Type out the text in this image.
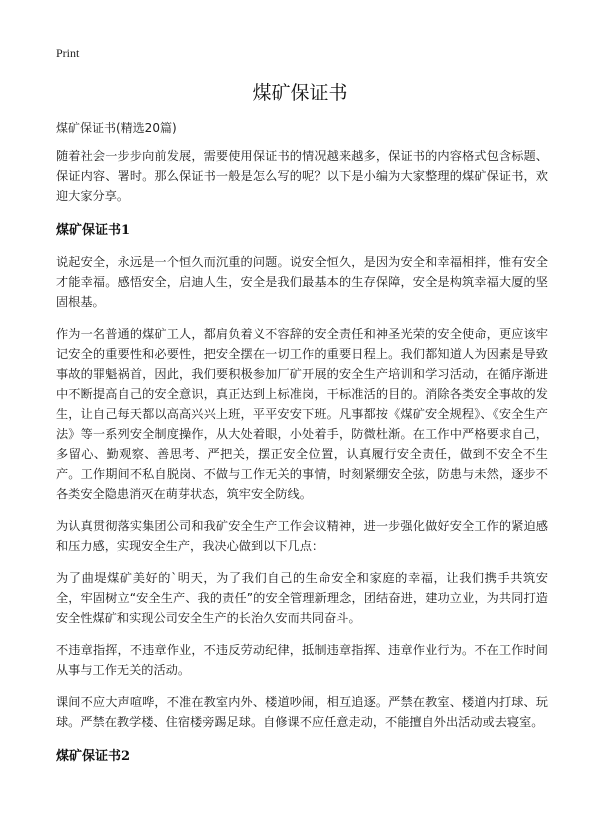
Print
煤矿保证书

煤矿保证书(精选20篇)

随着社会一步步向前发展，需要使用保证书的情况越来越多，保证书的内容格式包含标题、保证内容、署时。那么保证书一般是怎么写的呢？以下是小编为大家整理的煤矿保证书，欢迎大家分享。

煤矿保证书1

说起安全，永远是一个恒久而沉重的问题。说安全恒久，是因为安全和幸福相拌，惟有安全才能幸福。感悟安全，启迪人生，安全是我们最基本的生存保障，安全是构筑幸福大厦的坚固根基。

作为一名普通的煤矿工人，都肩负着义不容辞的安全责任和神圣光荣的安全使命，更应该牢记安全的重要性和必要性，把安全摆在一切工作的重要日程上。我们都知道人为因素是导致事故的罪魁祸首，因此，我们要积极参加厂矿开展的安全生产培训和学习活动，在循序渐进中不断提高自己的安全意识，真正达到上标准岗，干标准活的目的。消除各类安全事故的发生，让自己每天都以高高兴兴上班，平平安安下班。凡事都按《煤矿安全规程》、《安全生产法》等一系列安全制度操作，从大处着眼，小处着手，防微杜渐。在工作中严格要求自己，多留心、勤观察、善思考、严把关，摆正安全位置，认真履行安全责任，做到不安全不生产。工作期间不私自脱岗、不做与工作无关的事情，时刻紧绷安全弦，防患与未然，逐步不各类安全隐患消灭在萌芽状态，筑牢安全防线。

为认真贯彻落实集团公司和我矿安全生产工作会议精神，进一步强化做好安全工作的紧迫感和压力感，实现安全生产，我决心做到以下几点：

为了曲堤煤矿美好的`明天，为了我们自己的生命安全和家庭的幸福，让我们携手共筑安全，牢固树立“安全生产、我的责任”的安全管理新理念，团结奋进，建功立业，为共同打造安全性煤矿和实现公司安全生产的长治久安而共同奋斗。

不违章指挥，不违章作业，不违反劳动纪律，抵制违章指挥、违章作业行为。不在工作时间从事与工作无关的活动。

课间不应大声喧哗，不准在教室内外、楼道吵闹，相互追逐。严禁在教室、楼道内打球、玩球。严禁在教学楼、住宿楼旁踢足球。自修课不应任意走动，不能擅自外出活动或去寝室。

煤矿保证书2
